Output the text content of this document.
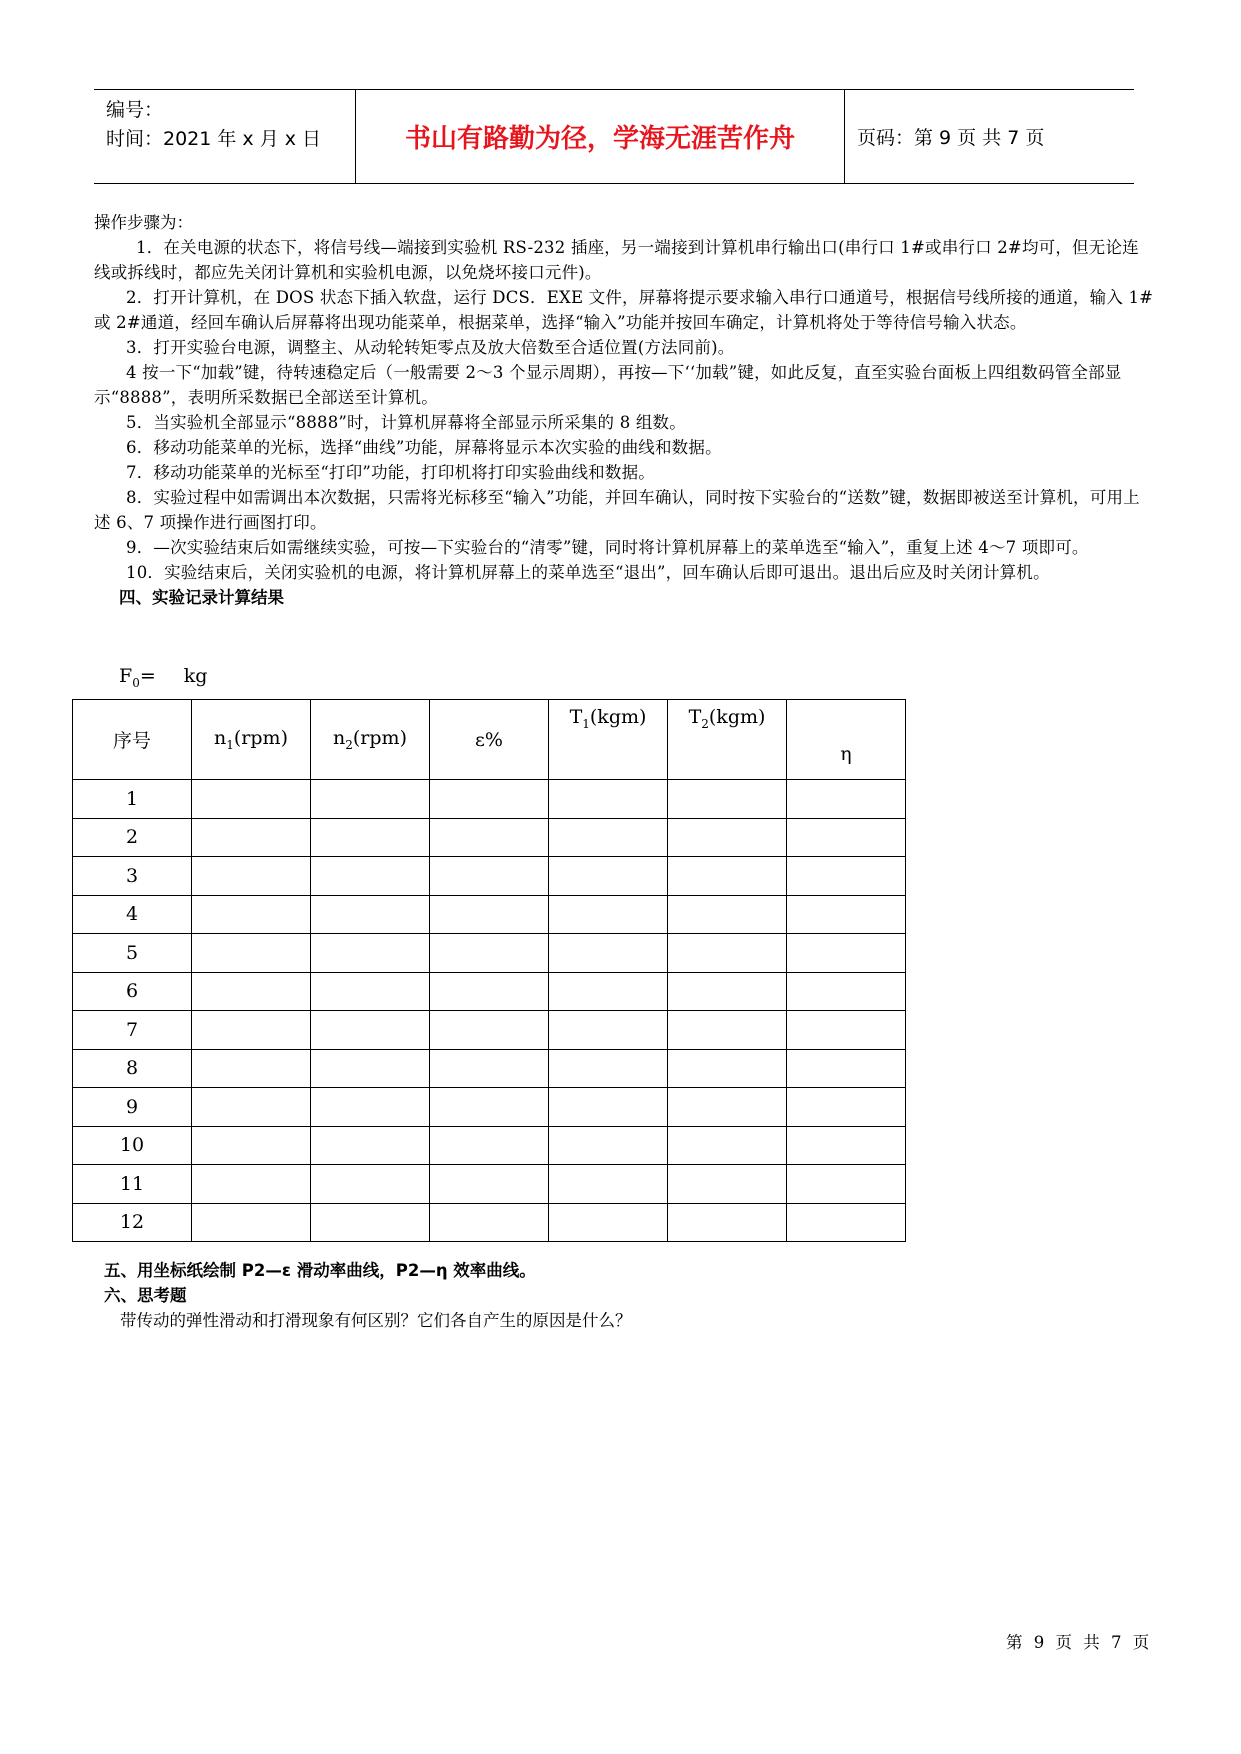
编号：
时间：2021 年 x 月 x 日	书山有路勤为径，学海无涯苦作舟	页码：第 9 页 共 7 页

操作步骤为：

1．在关电源的状态下，将信号线—端接到实验机 RS-232 插座，另一端接到计算机串行输出口(串行口 1#或串行口 2#均可，但无论连线或拆线时，都应先关闭计算机和实验机电源，以免烧坏接口元件)。

2．打开计算机，在 DOS 状态下插入软盘，运行 DCS．EXE 文件，屏幕将提示要求输入串行口通道号，根据信号线所接的通道，输入 1#或 2#通道，经回车确认后屏幕将出现功能菜单，根据菜单，选择“输入”功能并按回车确定，计算机将处于等待信号输入状态。

3．打开实验台电源，调整主、从动轮转矩零点及放大倍数至合适位置(方法同前)。

4 按一下“加载”键，待转速稳定后（一般需要 2～3 个显示周期），再按—下‘‘加载”键，如此反复，直至实验台面板上四组数码管全部显示“8888”，表明所采数据已全部送至计算机。

5．当实验机全部显示“8888”时，计算机屏幕将全部显示所采集的 8 组数。

6．移动功能菜单的光标，选择“曲线”功能，屏幕将显示本次实验的曲线和数据。

7．移动功能菜单的光标至“打印”功能，打印机将打印实验曲线和数据。

8．实验过程中如需调出本次数据，只需将光标移至“输入”功能，并回车确认，同时按下实验台的“送数”键，数据即被送至计算机，可用上述 6、7 项操作进行画图打印。

9．—次实验结束后如需继续实验，可按—下实验台的“清零”键，同时将计算机屏幕上的菜单选至“输入”，重复上述 4～7 项即可。

10．实验结束后，关闭实验机的电源，将计算机屏幕上的菜单选至“退出”，回车确认后即可退出。退出后应及时关闭计算机。

四、实验记录计算结果

$F_0=$ kg
序号	$n_1(rpm)$	$n_2(rpm)$	ε%	$T_1(kgm)$	$T_2(kgm)$	η
1						
2						
3						
4						
5						
6						
7						
8						
9						
10						
11						
12						

五、用坐标纸绘制 P2—ε 滑动率曲线，P2—η 效率曲线。

六、思考题

带传动的弹性滑动和打滑现象有何区别？它们各自产生的原因是什么？

第 9 页 共 7 页
